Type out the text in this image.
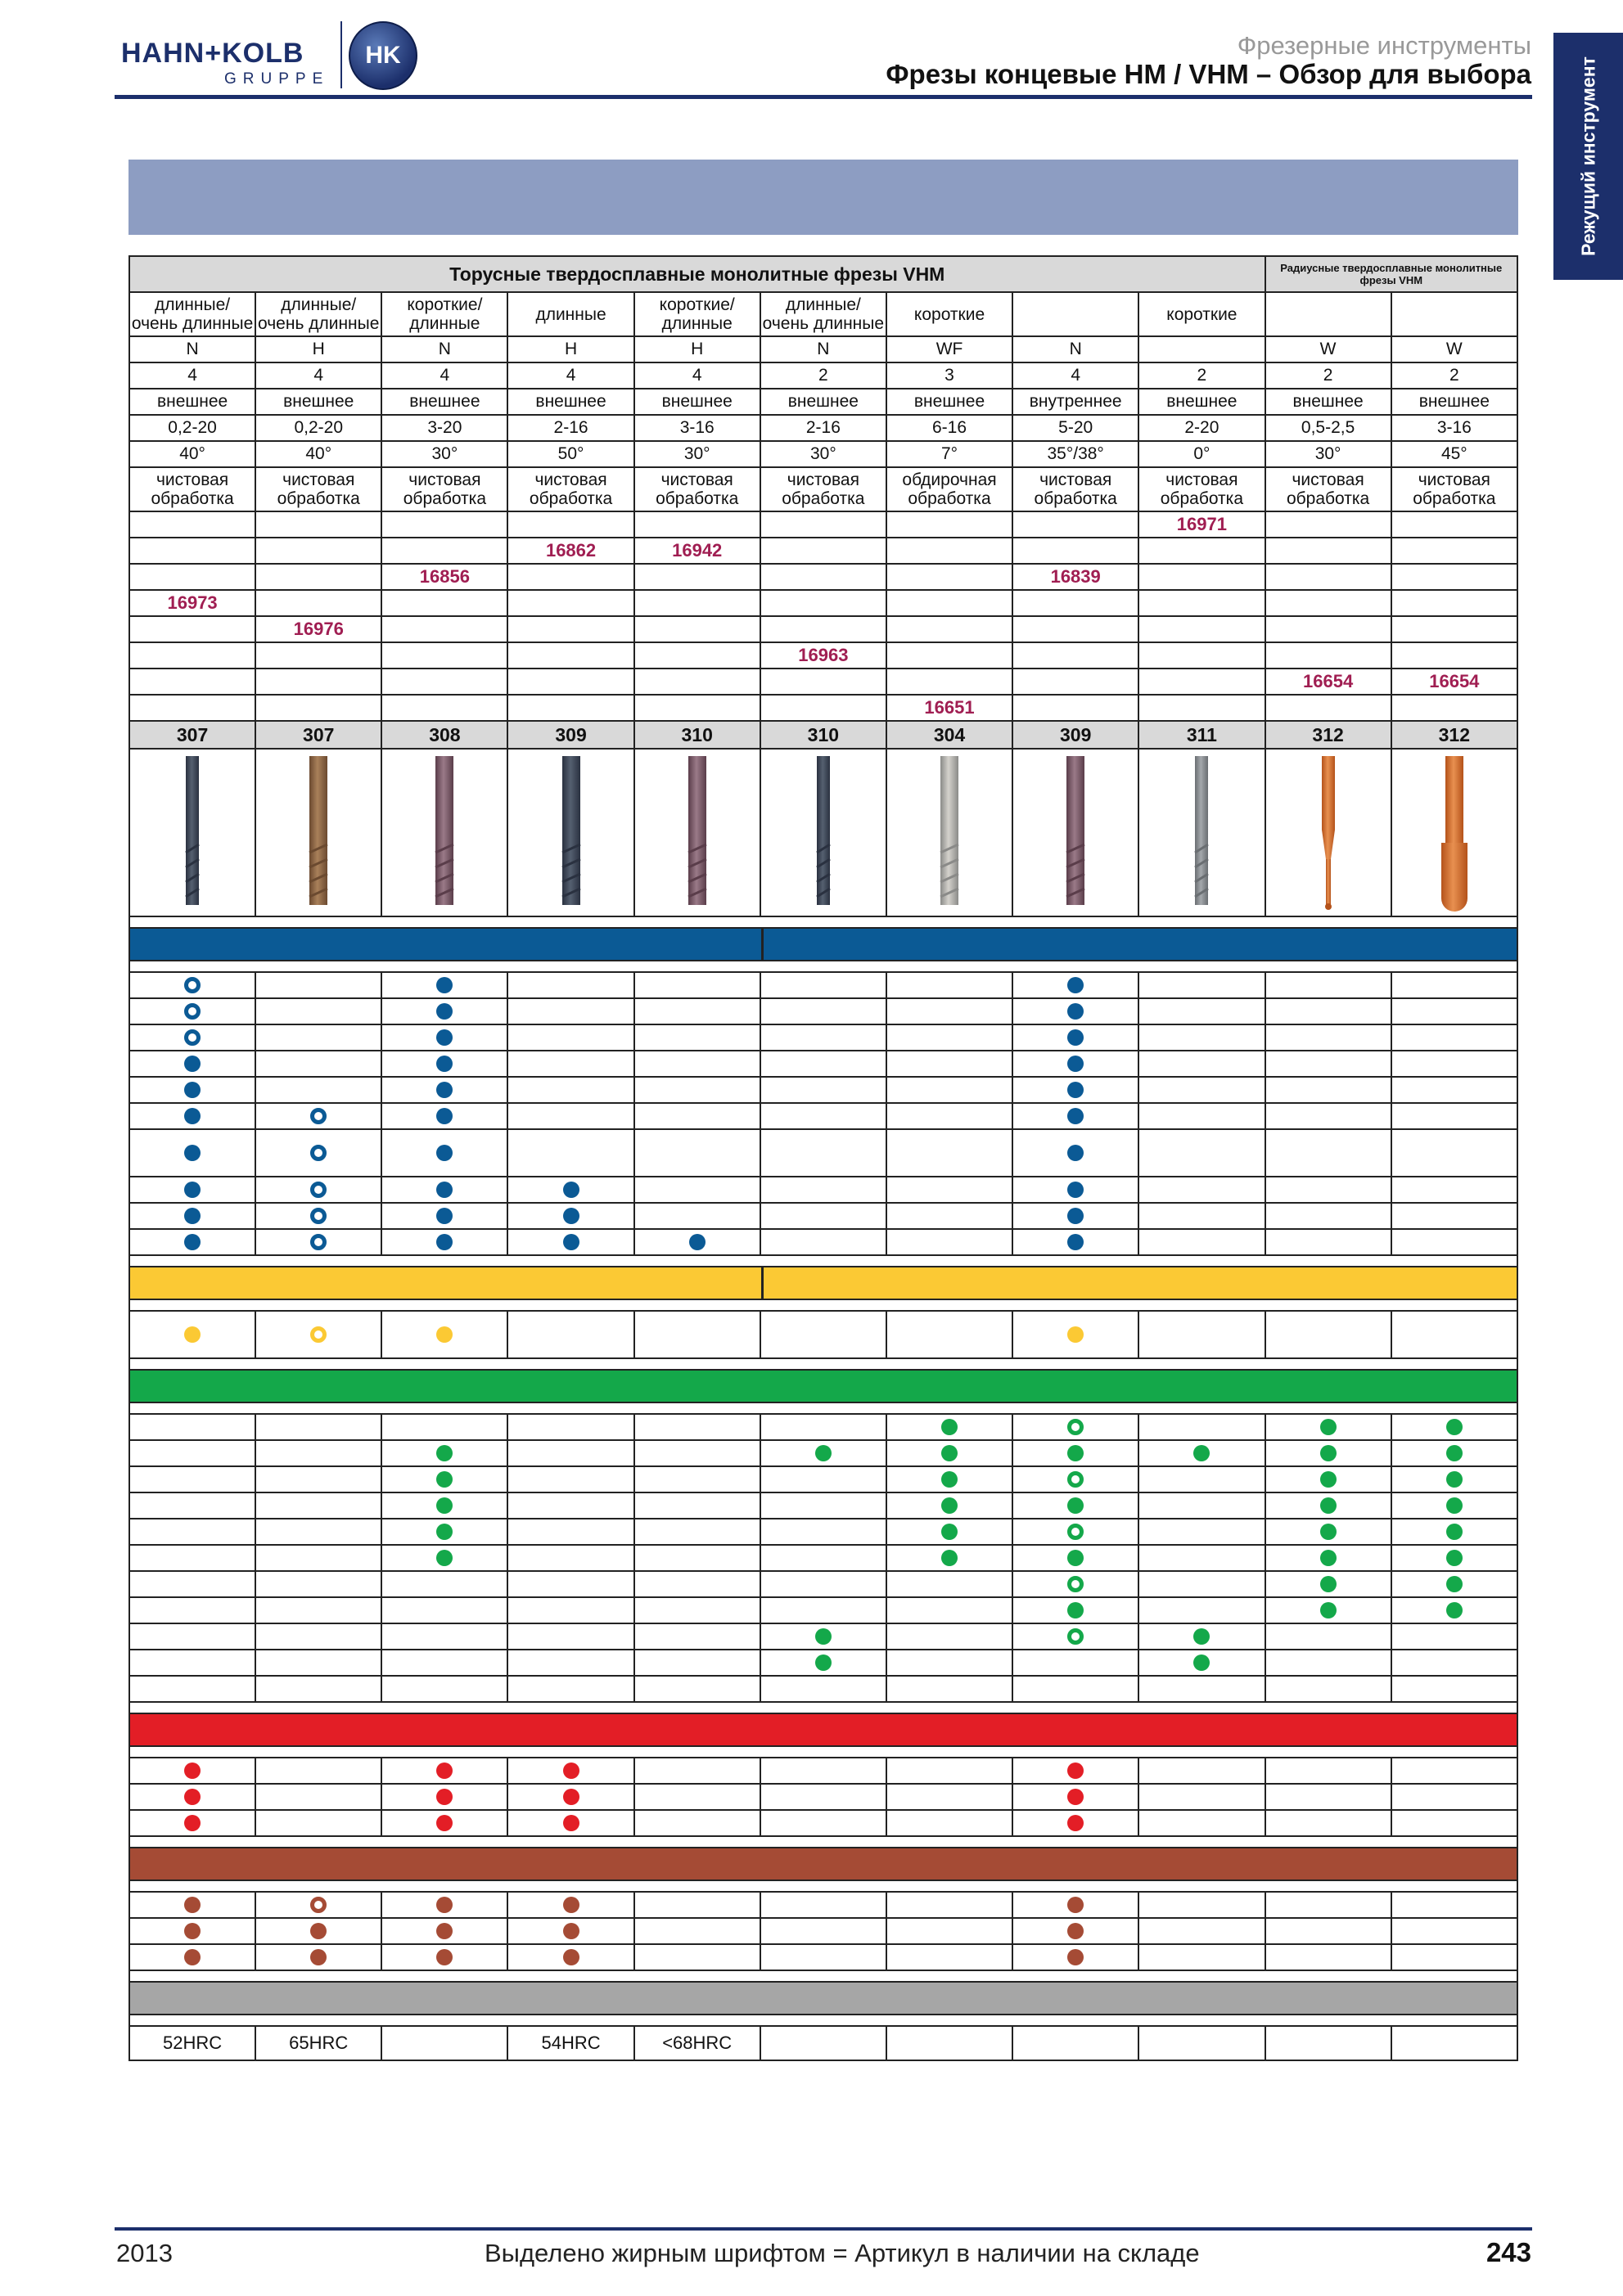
HAHN+KOLB
GRUPPE
HK	Фрезерные инструменты
Фрезы концевые HM / VHM – Обзор для выбора Режущий инструмент
Торусные твердосплавные монолитные фрезы VHM									Радиусные твердосплавные монолитные фрезы VHM	
длинные/ очень длинные	длинные/ очень длинные	короткие/ длинные	длинные	короткие/ длинные	длинные/ очень длинные	короткие		короткие		
N	H	N	H	H	N	WF	N		W	W
4	4	4	4	4	2	3	4	2	2	2
внешнее	внешнее	внешнее	внешнее	внешнее	внешнее	внешнее	внутреннее	внешнее	внешнее	внешнее
0,2-20	0,2-20	3-20	2-16	3-16	2-16	6-16	5-20	2-20	0,5-2,5	3-16
40°	40°	30°	50°	30°	30°	7°	35°/38°	0°	30°	45°
чистовая обработка	чистовая обработка	чистовая обработка	чистовая обработка	чистовая обработка	чистовая обработка	обдирочная обработка	чистовая обработка	чистовая обработка	чистовая обработка	чистовая обработка
								16971		
			16862	16942						
		16856					16839			
16973										
	16976									
					16963					
									16654	16654
						16651				
307	307	308	309	310	310	304	309	311	312	312

52HRC	65HRC		54HRC	<68HRC						
2013	Выделено жирным шрифтом = Артикул в наличии на складе	243
